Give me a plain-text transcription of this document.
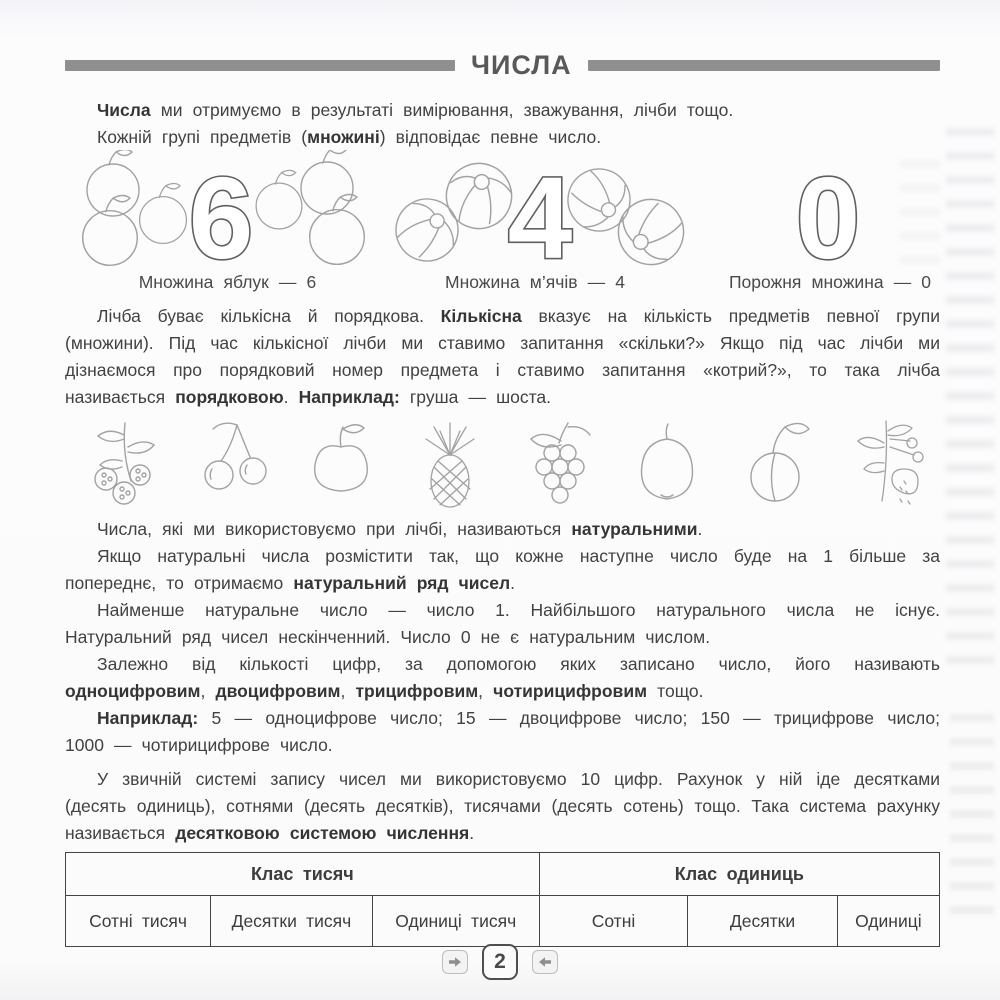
ЧИСЛА

Числа ми отримуємо в результаті вимірювання, зважування, лічби тощо.

Кожній групі предметів (множині) відповідає певне число.

6 4 0
Множина яблук — 6	Множина м’ячів — 4	Порожня множина — 0

Лічба буває кількісна й порядкова. Кількісна вказує на кількість предметів певної групи (множини). Під час кількісної лічби ми ставимо запитання «скільки?» Якщо під час лічби ми дізнаємося про порядковий номер предмета і ставимо запитання «котрий?», то така лічба називається порядковою. Наприклад: груша — шоста.

Числа, які ми використовуємо при лічбі, називаються натуральними.

Якщо натуральні числа розмістити так, що кожне наступне число буде на 1 більше за попереднє, то отримаємо натуральний ряд чисел.

Найменше натуральне число — число 1. Найбільшого натурального числа не існує. Натуральний ряд чисел нескінченний. Число 0 не є натуральним числом.

Залежно від кількості цифр, за допомогою яких записано число, його називають одноцифровим, двоцифровим, трицифровим, чотирицифровим тощо.

Наприклад: 5 — одноцифрове число; 15 — двоцифрове число; 150 — трицифрове число; 1000 — чотирицифрове число.

У звичній системі запису чисел ми використовуємо 10 цифр. Рахунок у ній іде десятками (десять одиниць), сотнями (десять десятків), тисячами (десять сотень) тощо. Така система рахунку називається десятковою системою числення.

Клас тисяч			Клас одиниць		
Сотні тисяч	Десятки тисяч	Одиниці тисяч	Сотні	Десятки	Одиниці
2
